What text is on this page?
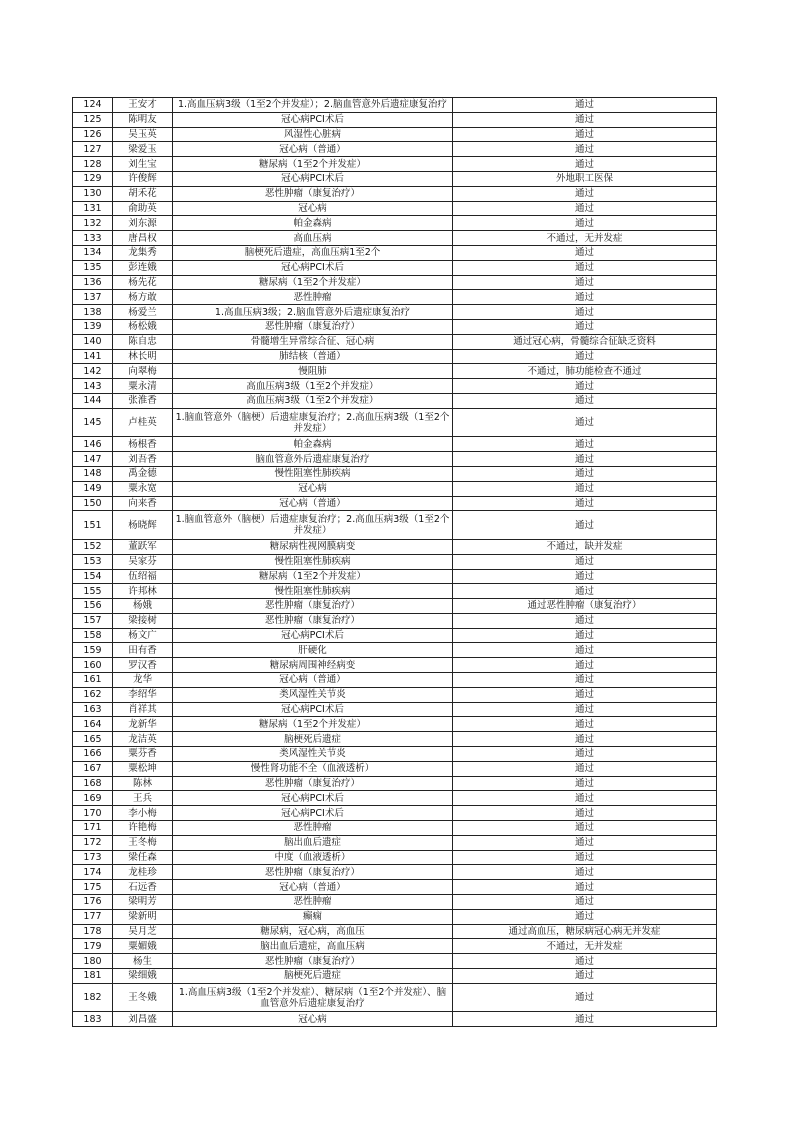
124	王安才	1.高血压病3级（1至2个并发症）；2.脑血管意外后遗症康复治疗	通过
125	陈明友	冠心病PCI术后	通过
126	吴玉英	风湿性心脏病	通过
127	梁爱玉	冠心病（普通）	通过
128	刘生宝	糖尿病（1至2个并发症）	通过
129	许俊辉	冠心病PCI术后	外地职工医保
130	胡禾花	恶性肿瘤（康复治疗）	通过
131	俞助英	冠心病	通过
132	刘东源	帕金森病	通过
133	唐昌权	高血压病	不通过，无并发症
134	龙集秀	脑梗死后遗症，高血压病1至2个	通过
135	彭连娥	冠心病PCI术后	通过
136	杨先花	糖尿病（1至2个并发症）	通过
137	杨方敢	恶性肿瘤	通过
138	杨爱兰	1.高血压病3级；2.脑血管意外后遗症康复治疗	通过
139	杨松娥	恶性肿瘤（康复治疗）	通过
140	陈自忠	骨髓增生异常综合征、冠心病	通过冠心病，骨髓综合征缺乏资料
141	林长明	肺结核（普通）	通过
142	向翠梅	慢阻肺	不通过，肺功能检查不通过
143	粟永清	高血压病3级（1至2个并发症）	通过
144	张淮香	高血压病3级（1至2个并发症）	通过
145	卢桂英	1.脑血管意外（脑梗）后遗症康复治疗；2.高血压病3级（1至2个并发症）	通过
146	杨根香	帕金森病	通过
147	刘吾香	脑血管意外后遗症康复治疗	通过
148	禹金德	慢性阻塞性肺疾病	通过
149	粟永宽	冠心病	通过
150	向来香	冠心病（普通）	通过
151	杨晓辉	1.脑血管意外（脑梗）后遗症康复治疗；2.高血压病3级（1至2个并发症）	通过
152	董跃军	糖尿病性视网膜病变	不通过，缺并发症
153	吴家芬	慢性阻塞性肺疾病	通过
154	伍绍福	糖尿病（1至2个并发症）	通过
155	许邦林	慢性阻塞性肺疾病	通过
156	杨娥	恶性肿瘤（康复治疗）	通过恶性肿瘤（康复治疗）
157	梁接树	恶性肿瘤（康复治疗）	通过
158	杨文广	冠心病PCI术后	通过
159	田有香	肝硬化	通过
160	罗汉香	糖尿病周围神经病变	通过
161	龙华	冠心病（普通）	通过
162	李绍华	类风湿性关节炎	通过
163	肖祥其	冠心病PCI术后	通过
164	龙新华	糖尿病（1至2个并发症）	通过
165	龙洁英	脑梗死后遗症	通过
166	粟芬香	类风湿性关节炎	通过
167	粟松坤	慢性肾功能不全（血液透析）	通过
168	陈林	恶性肿瘤（康复治疗）	通过
169	王兵	冠心病PCI术后	通过
170	李小梅	冠心病PCI术后	通过
171	许艳梅	恶性肿瘤	通过
172	王冬梅	脑出血后遗症	通过
173	梁任森	中度（血液透析）	通过
174	龙桂珍	恶性肿瘤（康复治疗）	通过
175	石远香	冠心病（普通）	通过
176	梁明芳	恶性肿瘤	通过
177	梁新明	癫痫	通过
178	吴月芝	糖尿病，冠心病，高血压	通过高血压，糖尿病冠心病无并发症
179	粟媚娥	脑出血后遗症，高血压病	不通过，无并发症
180	杨生	恶性肿瘤（康复治疗）	通过
181	梁细娥	脑梗死后遗症	通过
182	王冬娥	1.高血压病3级（1至2个并发症）、糖尿病（1至2个并发症）、脑血管意外后遗症康复治疗	通过
183	刘昌盛	冠心病	通过
